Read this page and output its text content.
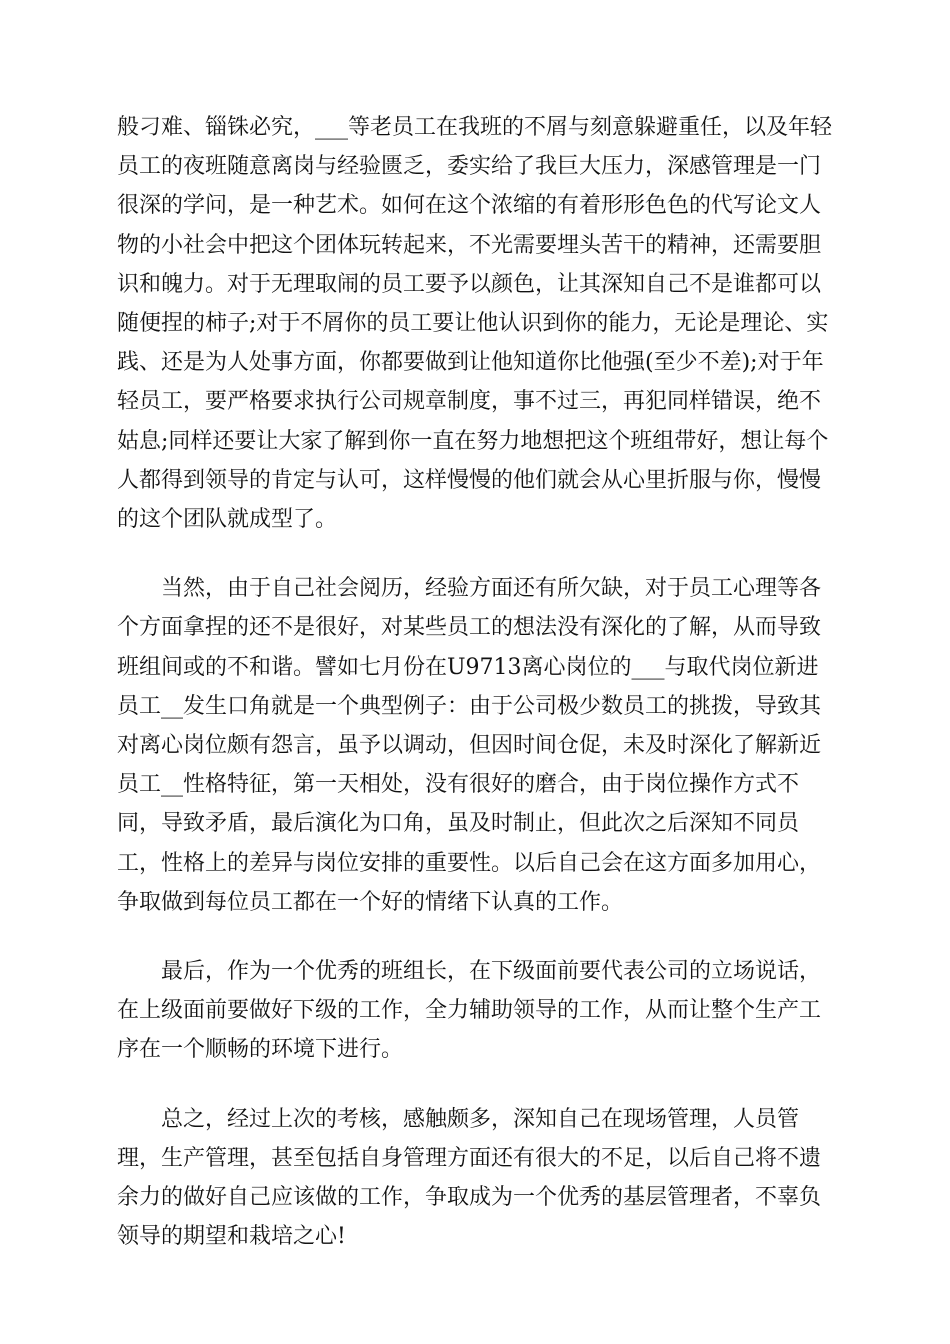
般刁难、锱铢必究，___等老员工在我班的不屑与刻意躲避重任，以及年轻员工的夜班随意离岗与经验匮乏，委实给了我巨大压力，深感管理是一门很深的学问，是一种艺术。如何在这个浓缩的有着形形色色的代写论文人物的小社会中把这个团体玩转起来，不光需要埋头苦干的精神，还需要胆识和魄力。对于无理取闹的员工要予以颜色，让其深知自己不是谁都可以随便捏的柿子;对于不屑你的员工要让他认识到你的能力，无论是理论、实践、还是为人处事方面，你都要做到让他知道你比他强(至少不差);对于年轻员工，要严格要求执行公司规章制度，事不过三，再犯同样错误，绝不姑息;同样还要让大家了解到你一直在努力地想把这个班组带好，想让每个人都得到领导的肯定与认可，这样慢慢的他们就会从心里折服与你，慢慢的这个团队就成型了。

当然，由于自己社会阅历，经验方面还有所欠缺，对于员工心理等各个方面拿捏的还不是很好，对某些员工的想法没有深化的了解，从而导致班组间或的不和谐。譬如七月份在U9713离心岗位的___与取代岗位新进员工__发生口角就是一个典型例子：由于公司极少数员工的挑拨，导致其对离心岗位颇有怨言，虽予以调动，但因时间仓促，未及时深化了解新近员工__性格特征，第一天相处，没有很好的磨合，由于岗位操作方式不同，导致矛盾，最后演化为口角，虽及时制止，但此次之后深知不同员工，性格上的差异与岗位安排的重要性。以后自己会在这方面多加用心，争取做到每位员工都在一个好的情绪下认真的工作。

最后，作为一个优秀的班组长，在下级面前要代表公司的立场说话，在上级面前要做好下级的工作，全力辅助领导的工作，从而让整个生产工序在一个顺畅的环境下进行。

总之，经过上次的考核，感触颇多，深知自己在现场管理，人员管理，生产管理，甚至包括自身管理方面还有很大的不足，以后自己将不遗余力的做好自己应该做的工作，争取成为一个优秀的基层管理者，不辜负领导的期望和栽培之心!
